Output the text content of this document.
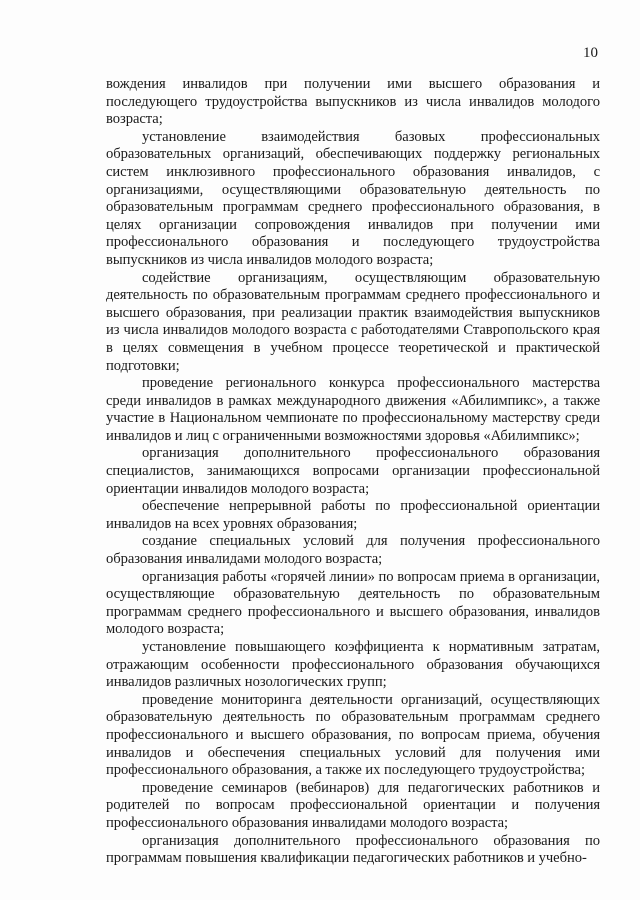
10

вождения инвалидов при получении ими высшего образования и последующего трудоустройства выпускников из числа инвалидов молодого возраста;

установление взаимодействия базовых профессиональных образовательных организаций, обеспечивающих поддержку региональных систем инклюзивного профессионального образования инвалидов, с организациями, осуществляющими образовательную деятельность по образовательным программам среднего профессионального образования, в целях организации сопровождения инвалидов при получении ими профессионального образования и последующего трудоустройства выпускников из числа инвалидов молодого возраста;

содействие организациям, осуществляющим образовательную деятельность по образовательным программам среднего профессионального и высшего образования, при реализации практик взаимодействия выпускников из числа инвалидов молодого возраста с работодателями Ставропольского края в целях совмещения в учебном процессе теоретической и практической подготовки;

проведение регионального конкурса профессионального мастерства среди инвалидов в рамках международного движения «Абилимпикс», а также участие в Национальном чемпионате по профессиональному мастерству среди инвалидов и лиц с ограниченными возможностями здоровья «Абилимпикс»;

организация дополнительного профессионального образования специалистов, занимающихся вопросами организации профессиональной ориентации инвалидов молодого возраста;

обеспечение непрерывной работы по профессиональной ориентации инвалидов на всех уровнях образования;

создание специальных условий для получения профессионального образования инвалидами молодого возраста;

организация работы «горячей линии» по вопросам приема в организации, осуществляющие образовательную деятельность по образовательным программам среднего профессионального и высшего образования, инвалидов молодого возраста;

установление повышающего коэффициента к нормативным затратам, отражающим особенности профессионального образования обучающихся инвалидов различных нозологических групп;

проведение мониторинга деятельности организаций, осуществляющих образовательную деятельность по образовательным программам среднего профессионального и высшего образования, по вопросам приема, обучения инвалидов и обеспечения специальных условий для получения ими профессионального образования, а также их последующего трудоустройства;

проведение семинаров (вебинаров) для педагогических работников и родителей по вопросам профессиональной ориентации и получения профессионального образования инвалидами молодого возраста;

организация дополнительного профессионального образования по программам повышения квалификации педагогических работников и учебно-
